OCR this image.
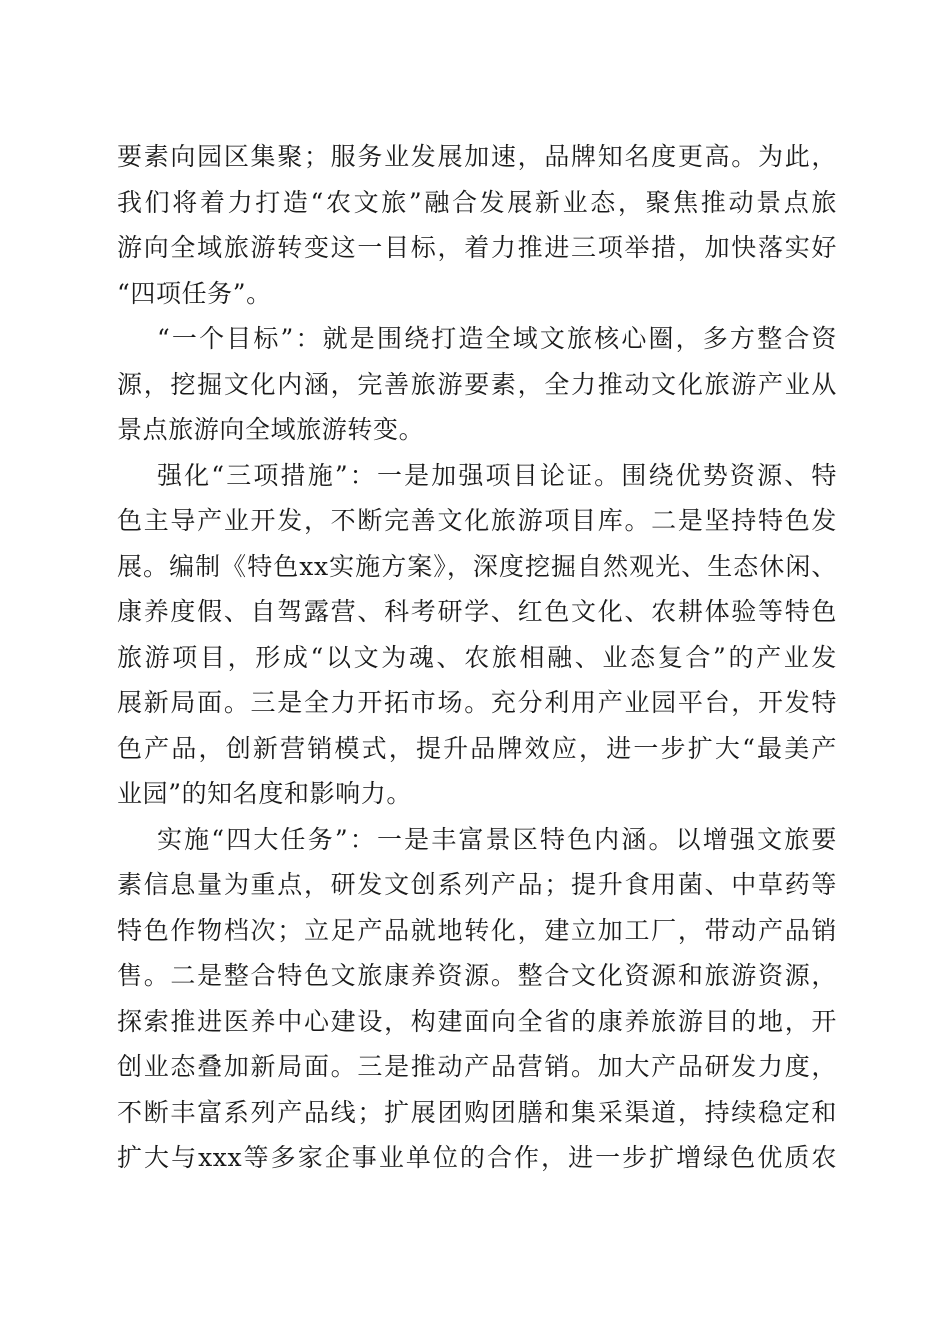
要素向园区集聚；服务业发展加速，品牌知名度更高。为此，
我们将着力打造“农文旅”融合发展新业态，聚焦推动景点旅
游向全域旅游转变这一目标，着力推进三项举措，加快落实好
“四项任务”。
“一个目标”：就是围绕打造全域文旅核心圈，多方整合资
源，挖掘文化内涵，完善旅游要素，全力推动文化旅游产业从
景点旅游向全域旅游转变。
强化“三项措施”：一是加强项目论证。围绕优势资源、特
色主导产业开发，不断完善文化旅游项目库。二是坚持特色发
展。编制《特色xx实施方案》，深度挖掘自然观光、生态休闲、
康养度假、自驾露营、科考研学、红色文化、农耕体验等特色
旅游项目，形成“以文为魂、农旅相融、业态复合”的产业发
展新局面。三是全力开拓市场。充分利用产业园平台，开发特
色产品，创新营销模式，提升品牌效应，进一步扩大“最美产
业园”的知名度和影响力。
实施“四大任务”：一是丰富景区特色内涵。以增强文旅要
素信息量为重点，研发文创系列产品；提升食用菌、中草药等
特色作物档次；立足产品就地转化，建立加工厂，带动产品销
售。二是整合特色文旅康养资源。整合文化资源和旅游资源，
探索推进医养中心建设，构建面向全省的康养旅游目的地，开
创业态叠加新局面。三是推动产品营销。加大产品研发力度，
不断丰富系列产品线；扩展团购团膳和集采渠道，持续稳定和
扩大与xxx等多家企事业单位的合作，进一步扩增绿色优质农
